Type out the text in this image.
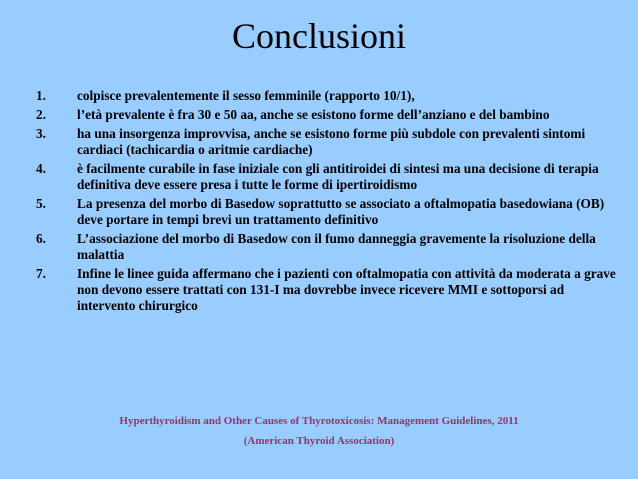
Conclusioni
1.	colpisce prevalentemente il sesso femminile (rapporto 10/1),
2.	l’età prevalente è fra 30 e 50 aa, anche se esistono forme dell’anziano e del bambino
3.	ha una insorgenza improvvisa, anche se esistono forme più subdole con prevalenti sintomi cardiaci (tachicardia o aritmie cardiache)
4.	è facilmente curabile in fase iniziale con gli antitiroidei di sintesi ma una decisione di terapia definitiva deve essere presa i tutte le forme di ipertiroidismo
5.	La presenza del morbo di Basedow soprattutto se associato a oftalmopatia basedowiana (OB) deve portare in tempi brevi un trattamento definitivo
6.	L’associazione del morbo di Basedow con il fumo danneggia gravemente la risoluzione della malattia
7.	Infine le linee guida affermano che i pazienti con oftalmopatia con attività da moderata a grave non devono essere trattati con 131-I ma dovrebbe invece ricevere MMI e sottoporsi ad intervento chirurgico
Hyperthyroidism and Other Causes of Thyrotoxicosis: Management Guidelines, 2011
(American Thyroid Association)
